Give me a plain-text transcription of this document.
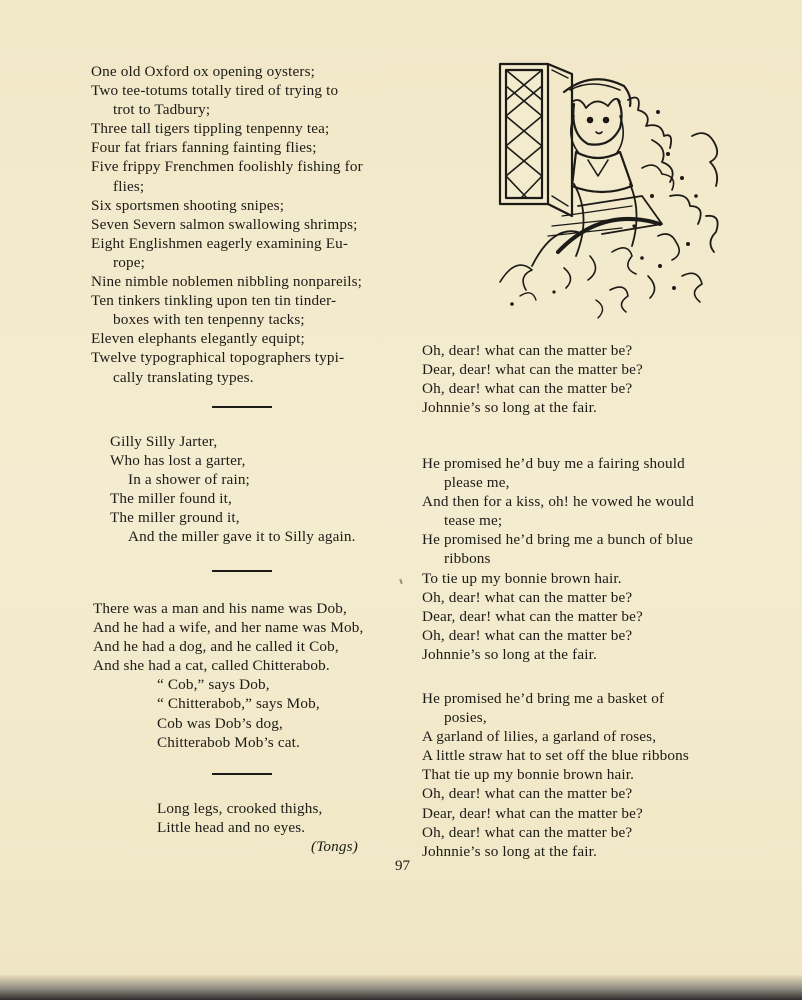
One old Oxford ox opening oysters;
Two tee-totums totally tired of trying to
trot to Tadbury;
Three tall tigers tippling tenpenny tea;
Four fat friars fanning fainting flies;
Five frippy Frenchmen foolishly fishing for
flies;
Six sportsmen shooting snipes;
Seven Severn salmon swallowing shrimps;
Eight Englishmen eagerly examining Eu-
rope;
Nine nimble noblemen nibbling nonpareils;
Ten tinkers tinkling upon ten tin tinder-
boxes with ten tenpenny tacks;
Eleven elephants elegantly equipt;
Twelve typographical topographers typi-
cally translating types.
Gilly Silly Jarter,
Who has lost a garter,
In a shower of rain;
The miller found it,
The miller ground it,
And the miller gave it to Silly again.
There was a man and his name was Dob,
And he had a wife, and her name was Mob,
And he had a dog, and he called it Cob,
And she had a cat, called Chitterabob.
“ Cob,” says Dob,
“ Chitterabob,” says Mob,
Cob was Dob’s dog,
Chitterabob Mob’s cat.
Long legs, crooked thighs,
Little head and no eyes.
(Tongs)
Oh, dear! what can the matter be?
Dear, dear! what can the matter be?
Oh, dear! what can the matter be?
Johnnie’s so long at the fair.
He promised he’d buy me a fairing should
please me,
And then for a kiss, oh! he vowed he would
tease me;
He promised he’d bring me a bunch of blue
ribbons
To tie up my bonnie brown hair.
Oh, dear! what can the matter be?
Dear, dear! what can the matter be?
Oh, dear! what can the matter be?
Johnnie’s so long at the fair.
He promised he’d bring me a basket of
posies,
A garland of lilies, a garland of roses,
A little straw hat to set off the blue ribbons
That tie up my bonnie brown hair.
Oh, dear! what can the matter be?
Dear, dear! what can the matter be?
Oh, dear! what can the matter be?
Johnnie’s so long at the fair.
97
